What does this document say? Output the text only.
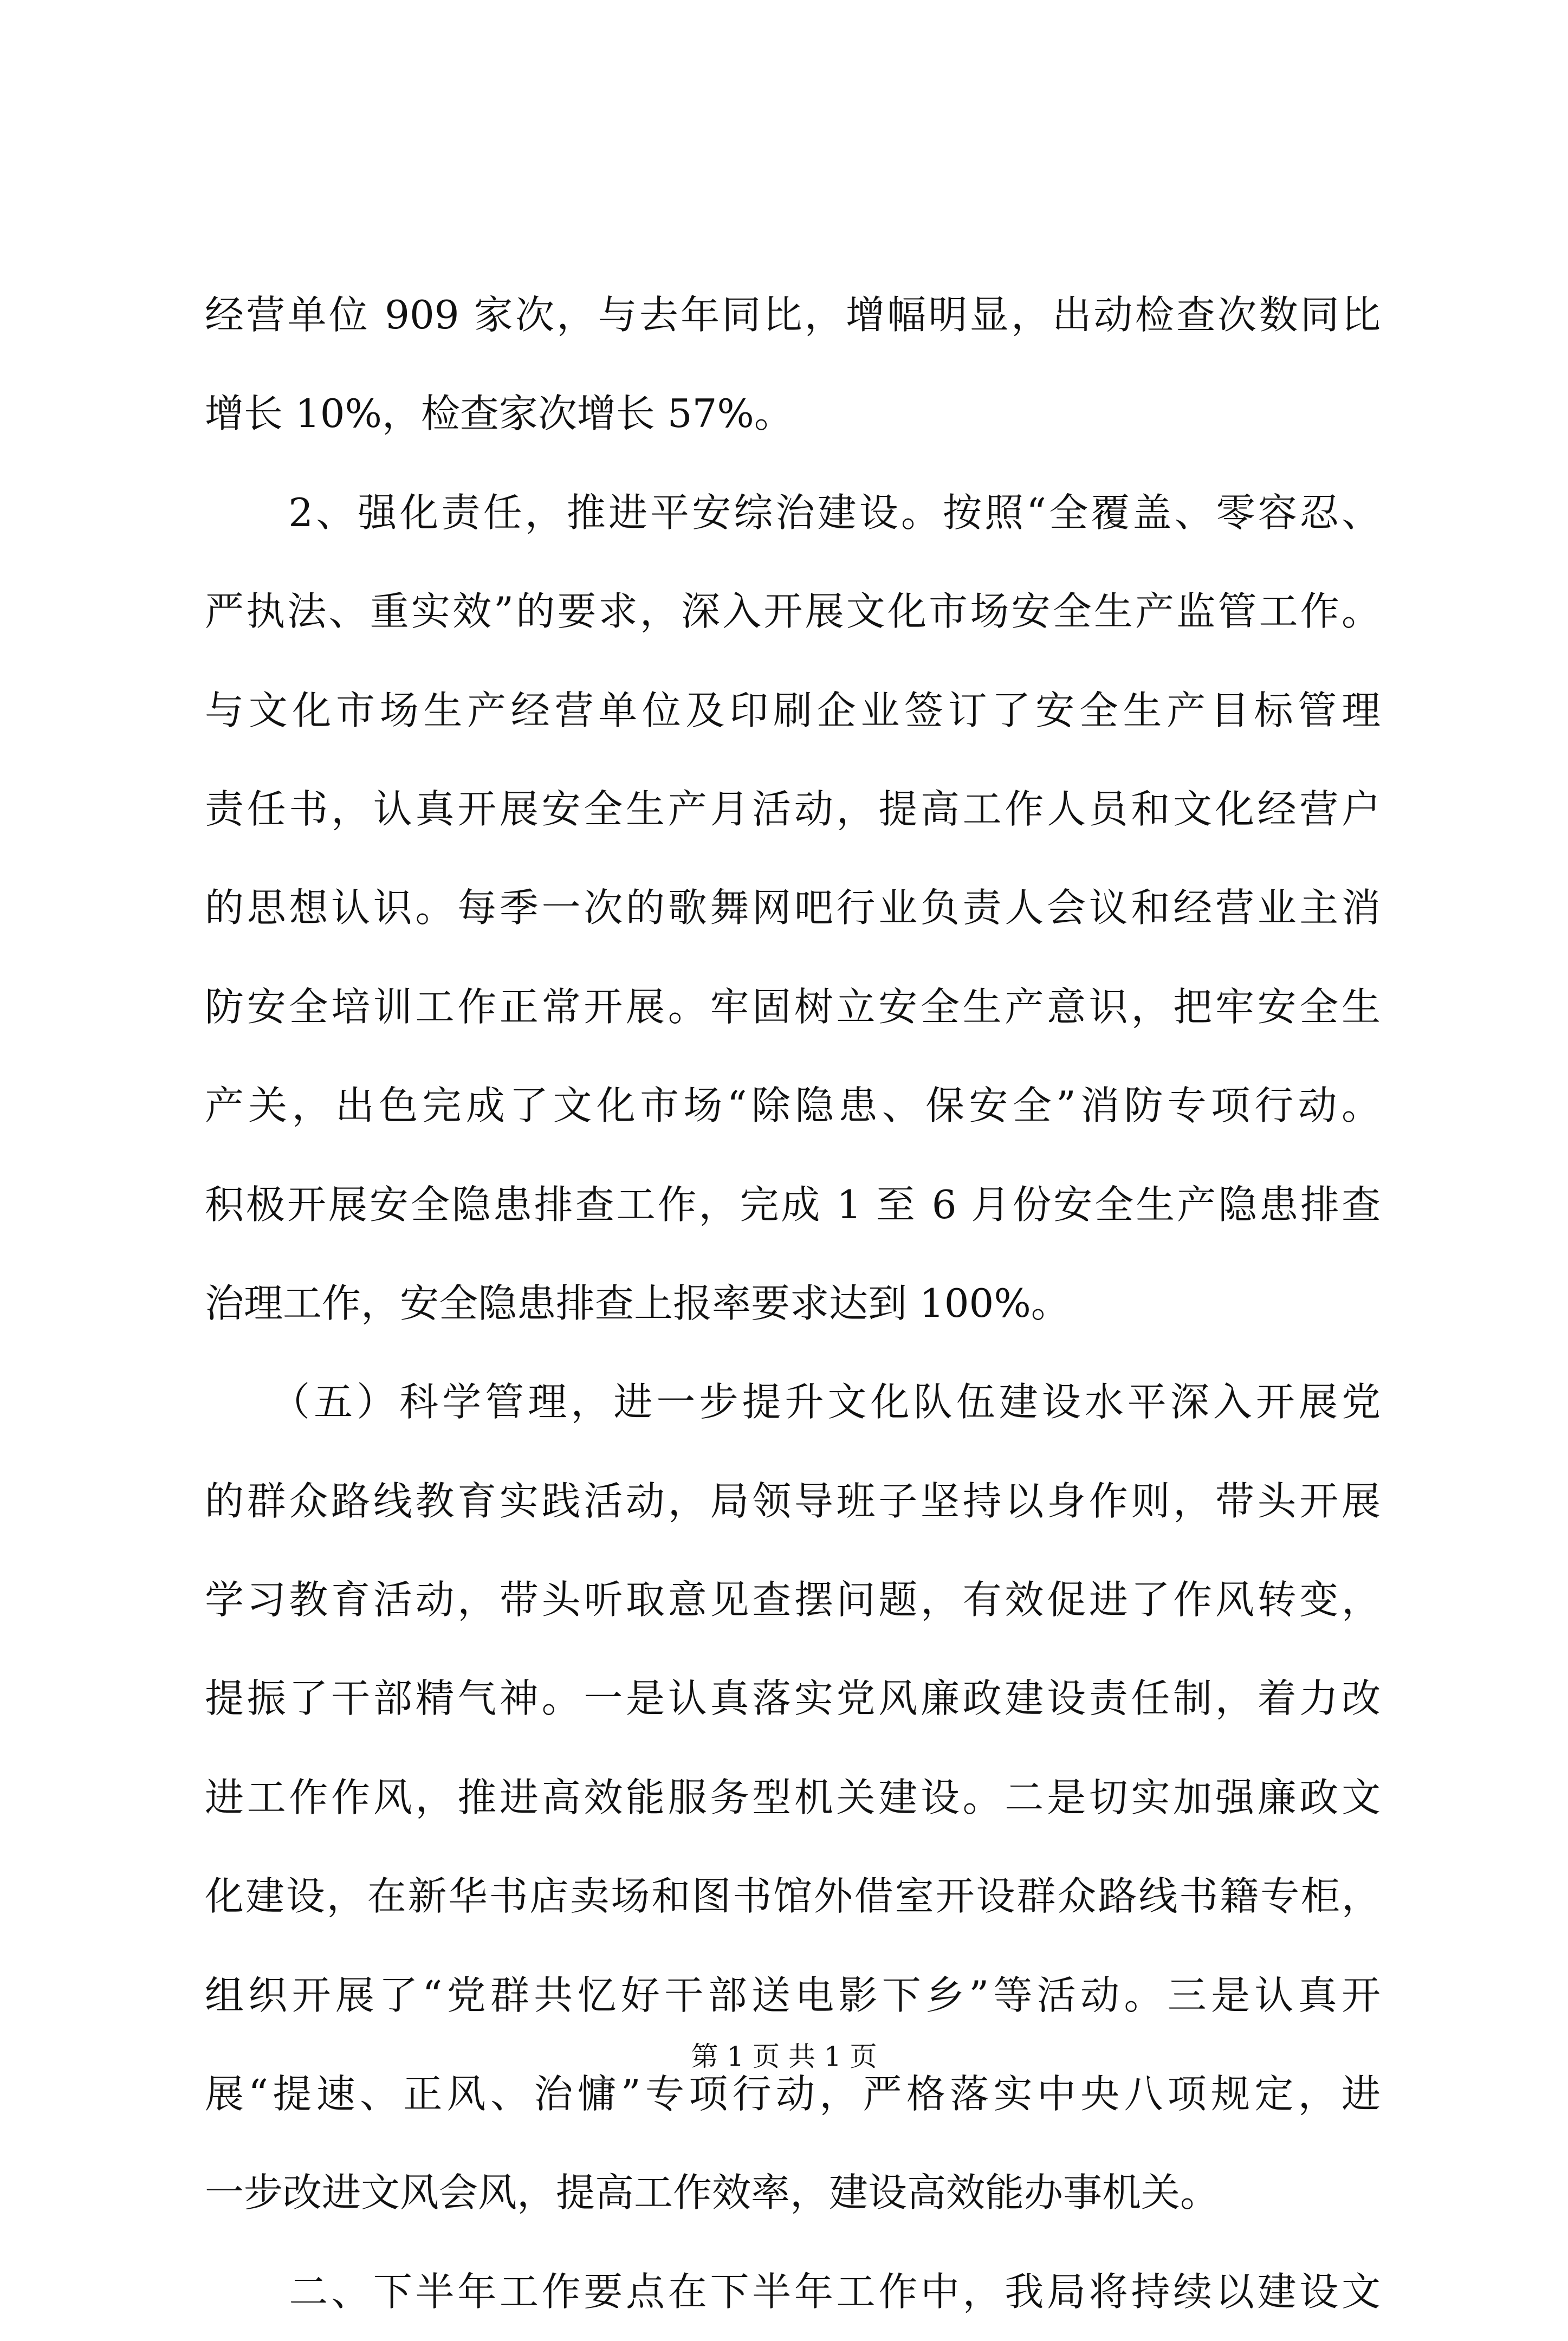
经营单位 909 家次，与去年同比，增幅明显，出动检查次数同比
增长 10%，检查家次增长 57%。
　　2、强化责任，推进平安综治建设。按照“全覆盖、零容忍、
严执法、重实效”的要求，深入开展文化市场安全生产监管工作。
与文化市场生产经营单位及印刷企业签订了安全生产目标管理
责任书，认真开展安全生产月活动，提高工作人员和文化经营户
的思想认识。每季一次的歌舞网吧行业负责人会议和经营业主消
防安全培训工作正常开展。牢固树立安全生产意识，把牢安全生
产关，出色完成了文化市场“除隐患、保安全”消防专项行动。
积极开展安全隐患排查工作，完成 1 至 6 月份安全生产隐患排查
治理工作，安全隐患排查上报率要求达到 100%。
　　（五）科学管理，进一步提升文化队伍建设水平深入开展党
的群众路线教育实践活动，局领导班子坚持以身作则，带头开展
学习教育活动，带头听取意见查摆问题，有效促进了作风转变，
提振了干部精气神。一是认真落实党风廉政建设责任制，着力改
进工作作风，推进高效能服务型机关建设。二是切实加强廉政文
化建设，在新华书店卖场和图书馆外借室开设群众路线书籍专柜，
组织开展了“党群共忆好干部送电影下乡”等活动。三是认真开
展“提速、正风、治慵”专项行动，严格落实中央八项规定，进
一步改进文风会风，提高工作效率，建设高效能办事机关。
　　二、下半年工作要点在下半年工作中，我局将持续以建设文
第 1 页 共 1 页
